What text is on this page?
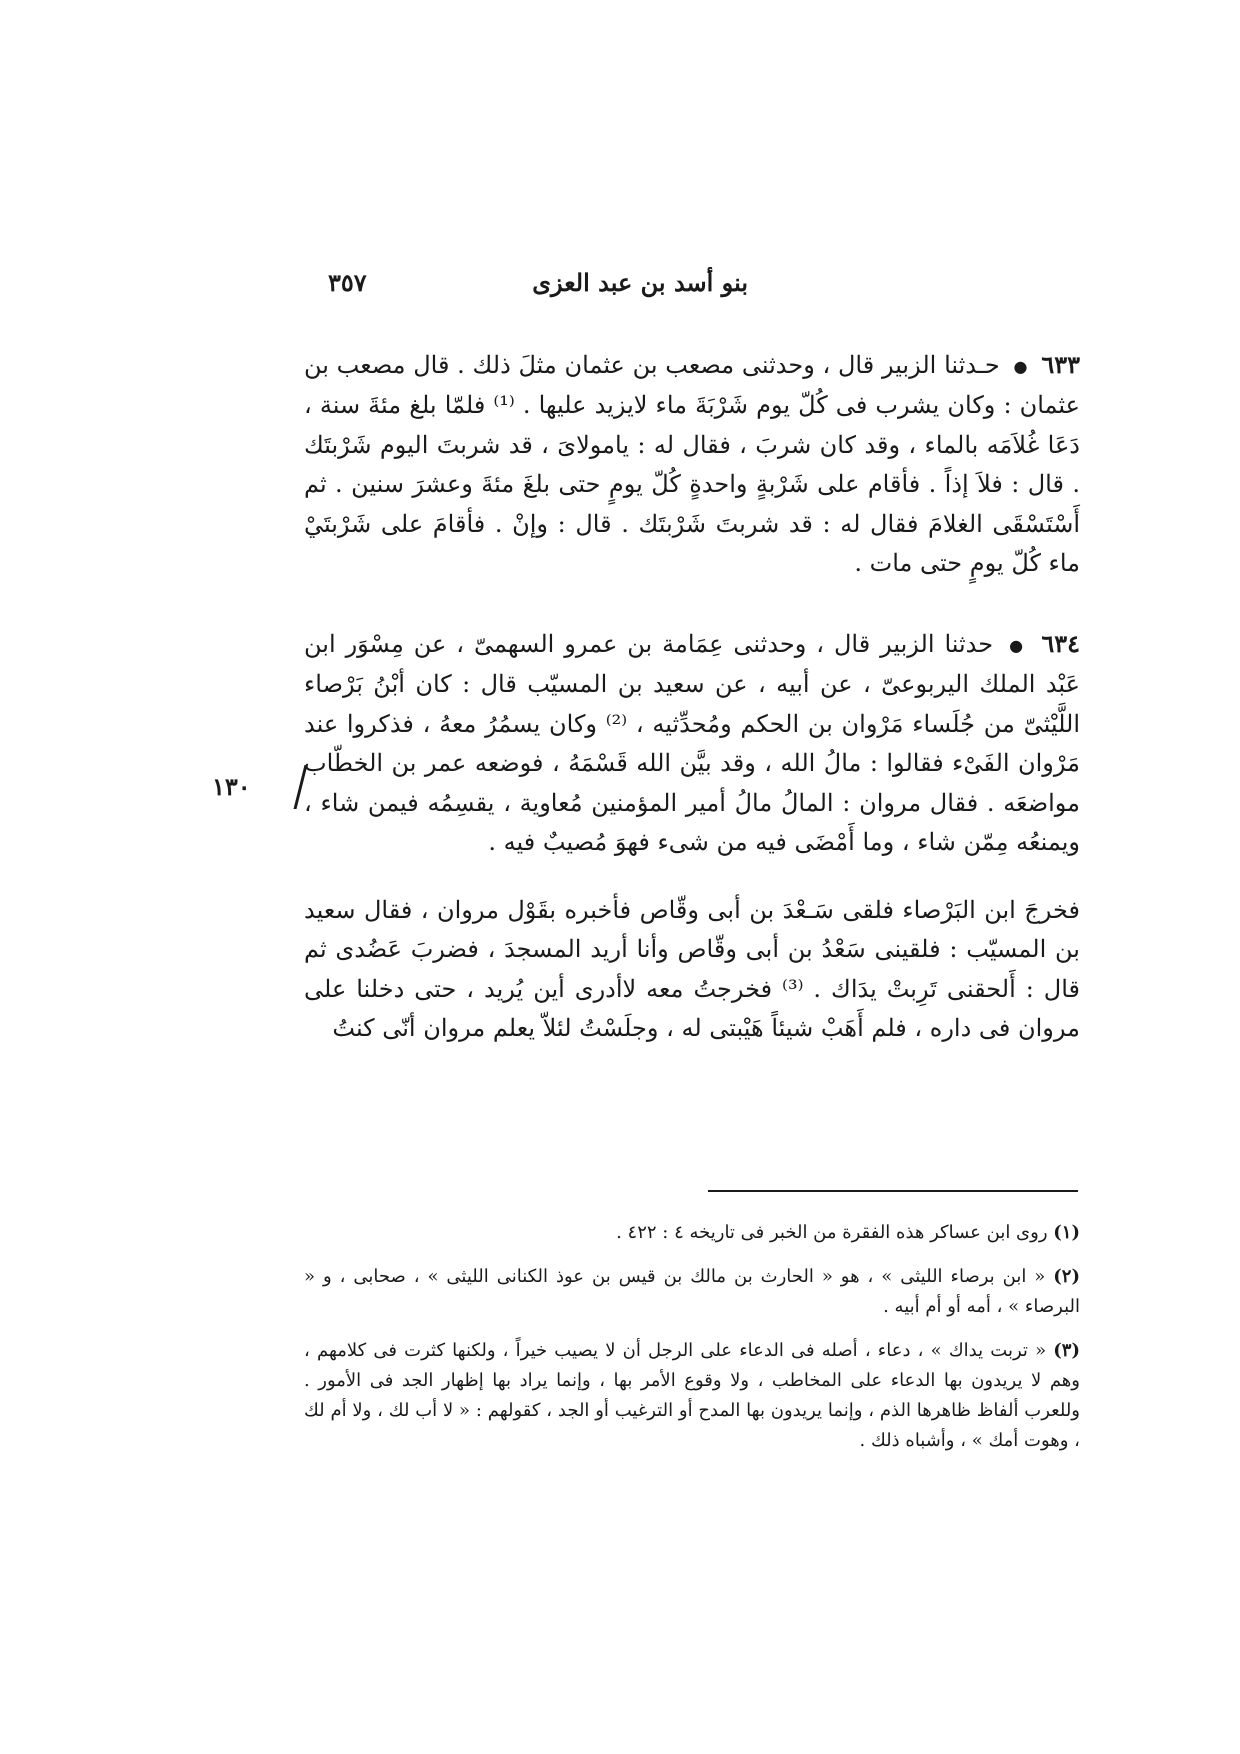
بنو أسد بن عبد العزى
٣٥٧
١٣٠

٦٣٣ ● حـدثنا الزبير قال ، وحدثنى مصعب بن عثمان مثلَ ذلك . قال مصعب بن عثمان : وكان يشرب فى كُلّ يوم شَرْبَةَ ماء لايزيد عليها . ⁽¹⁾ فلمّا بلغ مئةَ سنة ، دَعَا غُلاَمَه بالماء ، وقد كان شربَ ، فقال له : يامولاىَ ، قد شربتَ اليوم شَرْبتَك . قال : فلاَ إذاً . فأقام على شَرْبةٍ واحدةٍ كُلّ يومٍ حتى بلغَ مئةَ وعشرَ سنين . ثم أَسْتَسْقَى الغلامَ فقال له : قد شربتَ شَرْبتَك . قال : وإنْ . فأقامَ على شَرْبتَيْ ماء كُلّ يومٍ حتى مات .

٦٣٤ ● حدثنا الزبير قال ، وحدثنى عِمَامة بن عمرو السهمىّ ، عن مِسْوَر ابن عَبْد الملك اليربوعىّ ، عن أبيه ، عن سعيد بن المسيّب قال : كان أبْنُ بَرْصاء اللَّيْثىّ من جُلَساء مَرْوان بن الحكم ومُحدِّثيه ، ⁽²⁾ وكان يسمُرُ معهُ ، فذكروا عند مَرْوان الفَىْء فقالوا : مالُ الله ، وقد بيَّن الله قَسْمَهُ ، فوضعه عمر بن الخطّاب مواضعَه . فقال مروان : المالُ مالُ أمير المؤمنين مُعاوية ، يقسِمُه فيمن شاء ، ويمنعُه مِمّن شاء ، وما أَمْضَى فيه من شىء فهوَ مُصيبٌ فيه .

فخرجَ ابن البَرْصاء فلقى سَـعْدَ بن أبى وقّاص فأخبره بقَوْل مروان ، فقال سعيد بن المسيّب : فلقينى سَعْدُ بن أبى وقّاص وأنا أريد المسجدَ ، فضربَ عَضُدى ثم قال : أَلحقنى تَرِبتْ يدَاك . ⁽³⁾ فخرجتُ معه لاأدرى أين يُريد ، حتى دخلنا على مروان فى داره ، فلم أَهَبْ شيئاً هَيْبتى له ، وجلَسْتُ لئلاّ يعلم مروان أنّى كنتُ

(١) روى ابن عساكر هذه الفقرة من الخبر فى تاريخه ٤ : ٤٢٢ .

(٢) « ابن برصاء الليثى » ، هو « الحارث بن مالك بن قيس بن عوذ الكنانى الليثى » ، صحابى ، و « البرصاء » ، أمه أو أم أبيه .

(٣) « تربت يداك » ، دعاء ، أصله فى الدعاء على الرجل أن لا يصيب خيراً ، ولكنها كثرت فى كلامهم ، وهم لا يريدون بها الدعاء على المخاطب ، ولا وقوع الأمر بها ، وإنما يراد بها إظهار الجد فى الأمور . وللعرب ألفاظ ظاهرها الذم ، وإنما يريدون بها المدح أو الترغيب أو الجد ، كقولهم : « لا أب لك ، ولا أم لك ، وهوت أمك » ، وأشباه ذلك .
